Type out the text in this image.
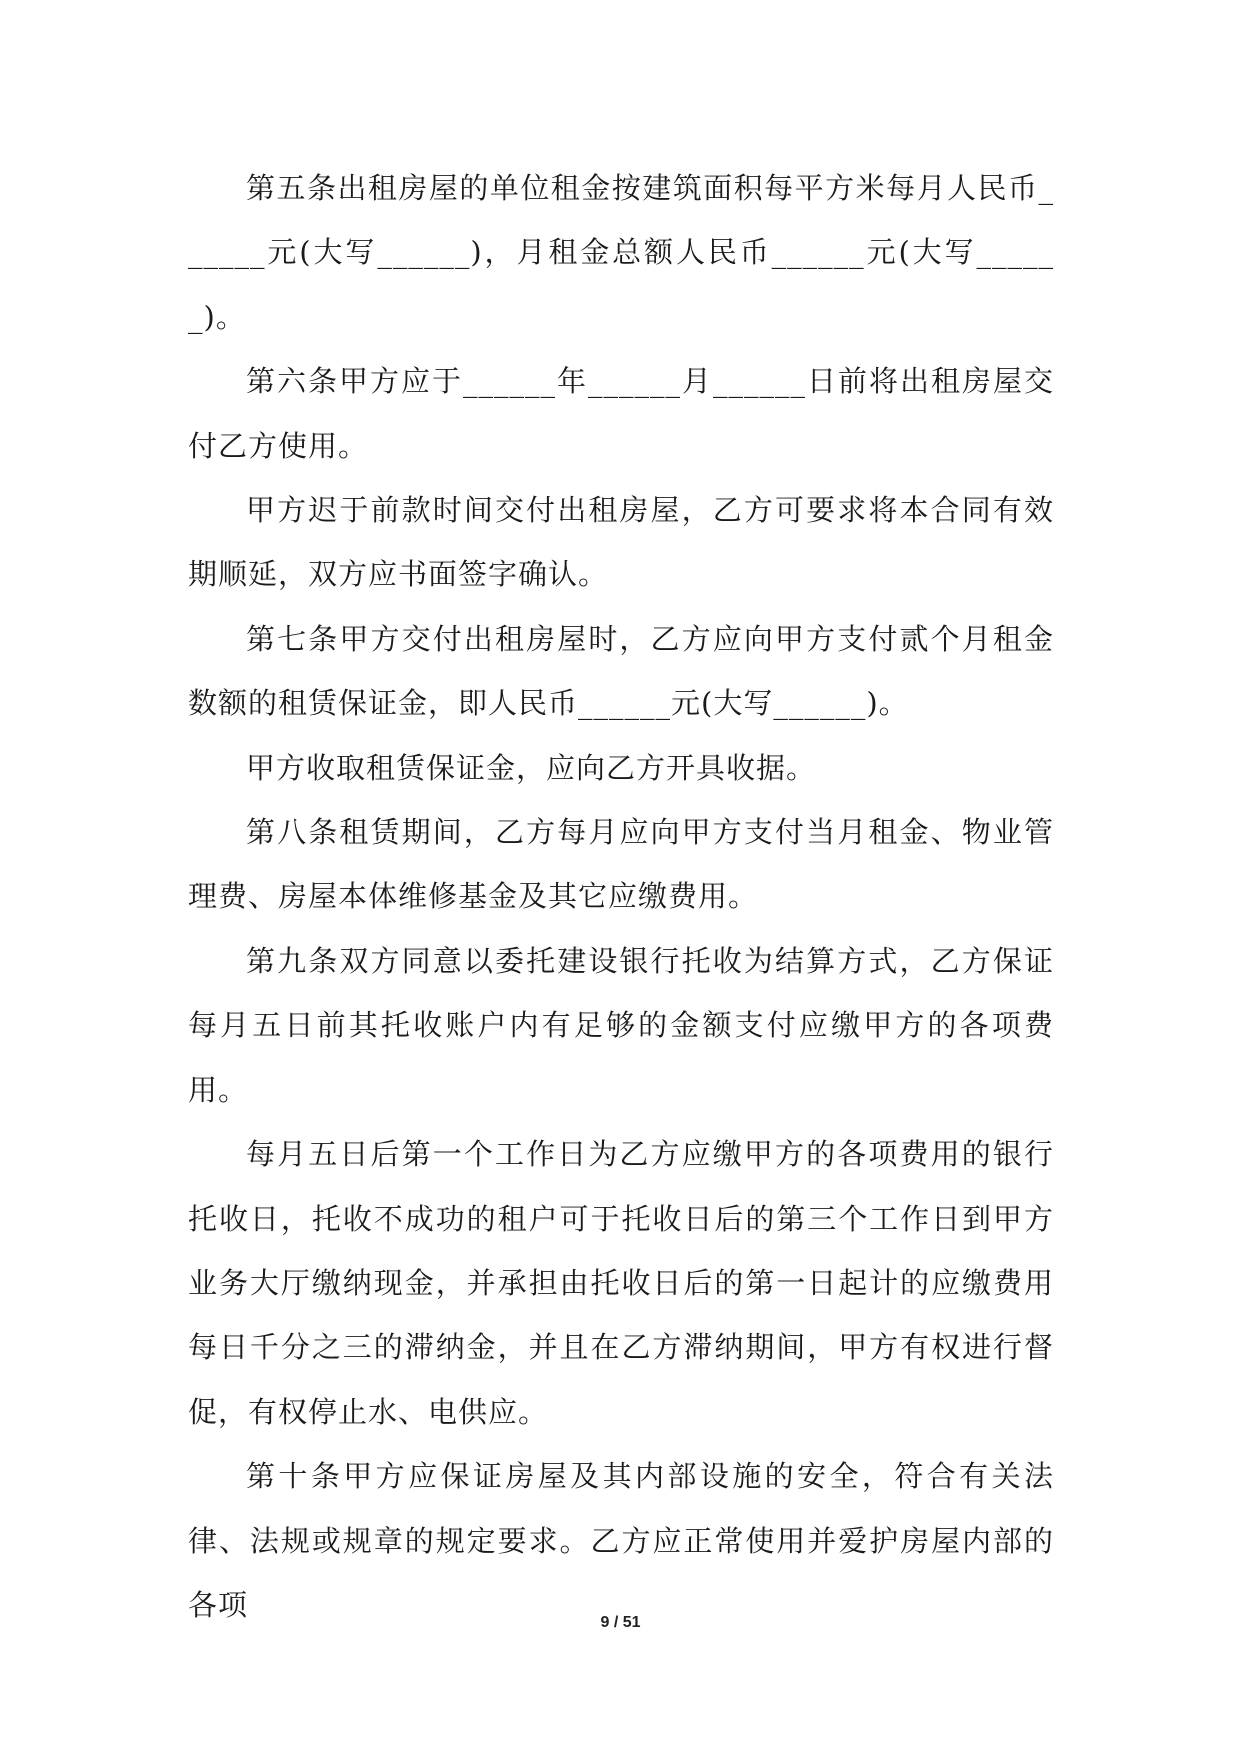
第五条出租房屋的单位租金按建筑面积每平方米每月人民币______元(大写______)，月租金总额人民币______元(大写______)。

第六条甲方应于______年______月______日前将出租房屋交付乙方使用。

甲方迟于前款时间交付出租房屋，乙方可要求将本合同有效期顺延，双方应书面签字确认。

第七条甲方交付出租房屋时，乙方应向甲方支付贰个月租金数额的租赁保证金，即人民币______元(大写______)。

甲方收取租赁保证金，应向乙方开具收据。

第八条租赁期间，乙方每月应向甲方支付当月租金、物业管理费、房屋本体维修基金及其它应缴费用。

第九条双方同意以委托建设银行托收为结算方式，乙方保证每月五日前其托收账户内有足够的金额支付应缴甲方的各项费用。

每月五日后第一个工作日为乙方应缴甲方的各项费用的银行托收日，托收不成功的租户可于托收日后的第三个工作日到甲方业务大厅缴纳现金，并承担由托收日后的第一日起计的应缴费用每日千分之三的滞纳金，并且在乙方滞纳期间，甲方有权进行督促，有权停止水、电供应。

第十条甲方应保证房屋及其内部设施的安全，符合有关法律、法规或规章的规定要求。乙方应正常使用并爱护房屋内部的各项

9 / 51
